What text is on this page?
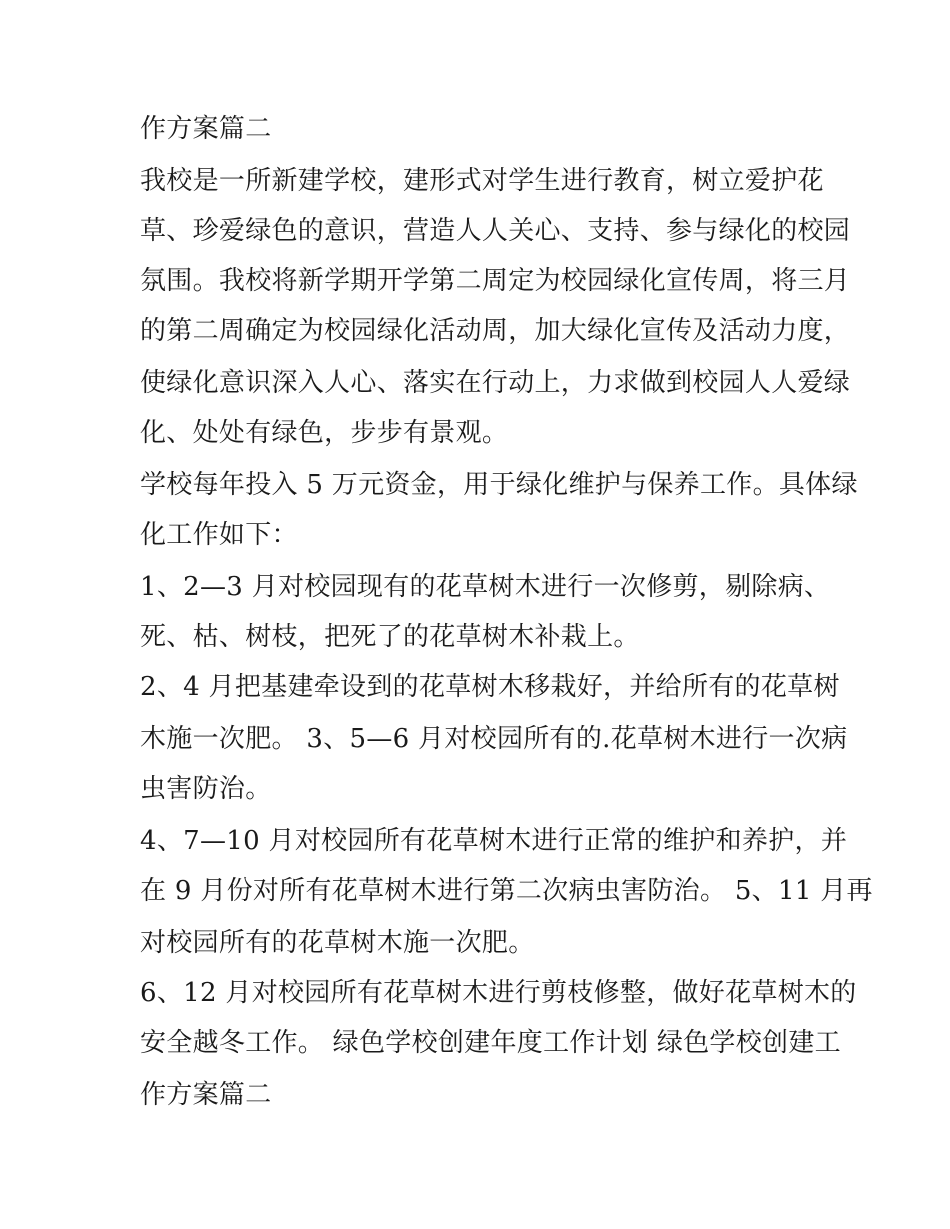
作方案篇二
我校是一所新建学校，建形式对学生进行教育，树立爱护花
草、珍爱绿色的意识，营造人人关心、支持、参与绿化的校园
氛围。我校将新学期开学第二周定为校园绿化宣传周，将三月
的第二周确定为校园绿化活动周，加大绿化宣传及活动力度，
使绿化意识深入人心、落实在行动上，力求做到校园人人爱绿
化、处处有绿色，步步有景观。
学校每年投入 5 万元资金，用于绿化维护与保养工作。具体绿
化工作如下：
1、2—3 月对校园现有的花草树木进行一次修剪，剔除病、
死、枯、树枝，把死了的花草树木补栽上。
2、4 月把基建牵设到的花草树木移栽好，并给所有的花草树
木施一次肥。 3、5—6 月对校园所有的.花草树木进行一次病
虫害防治。
4、7—10 月对校园所有花草树木进行正常的维护和养护，并
在 9 月份对所有花草树木进行第二次病虫害防治。 5、11 月再
对校园所有的花草树木施一次肥。
6、12 月对校园所有花草树木进行剪枝修整，做好花草树木的
安全越冬工作。 绿色学校创建年度工作计划 绿色学校创建工
作方案篇二
